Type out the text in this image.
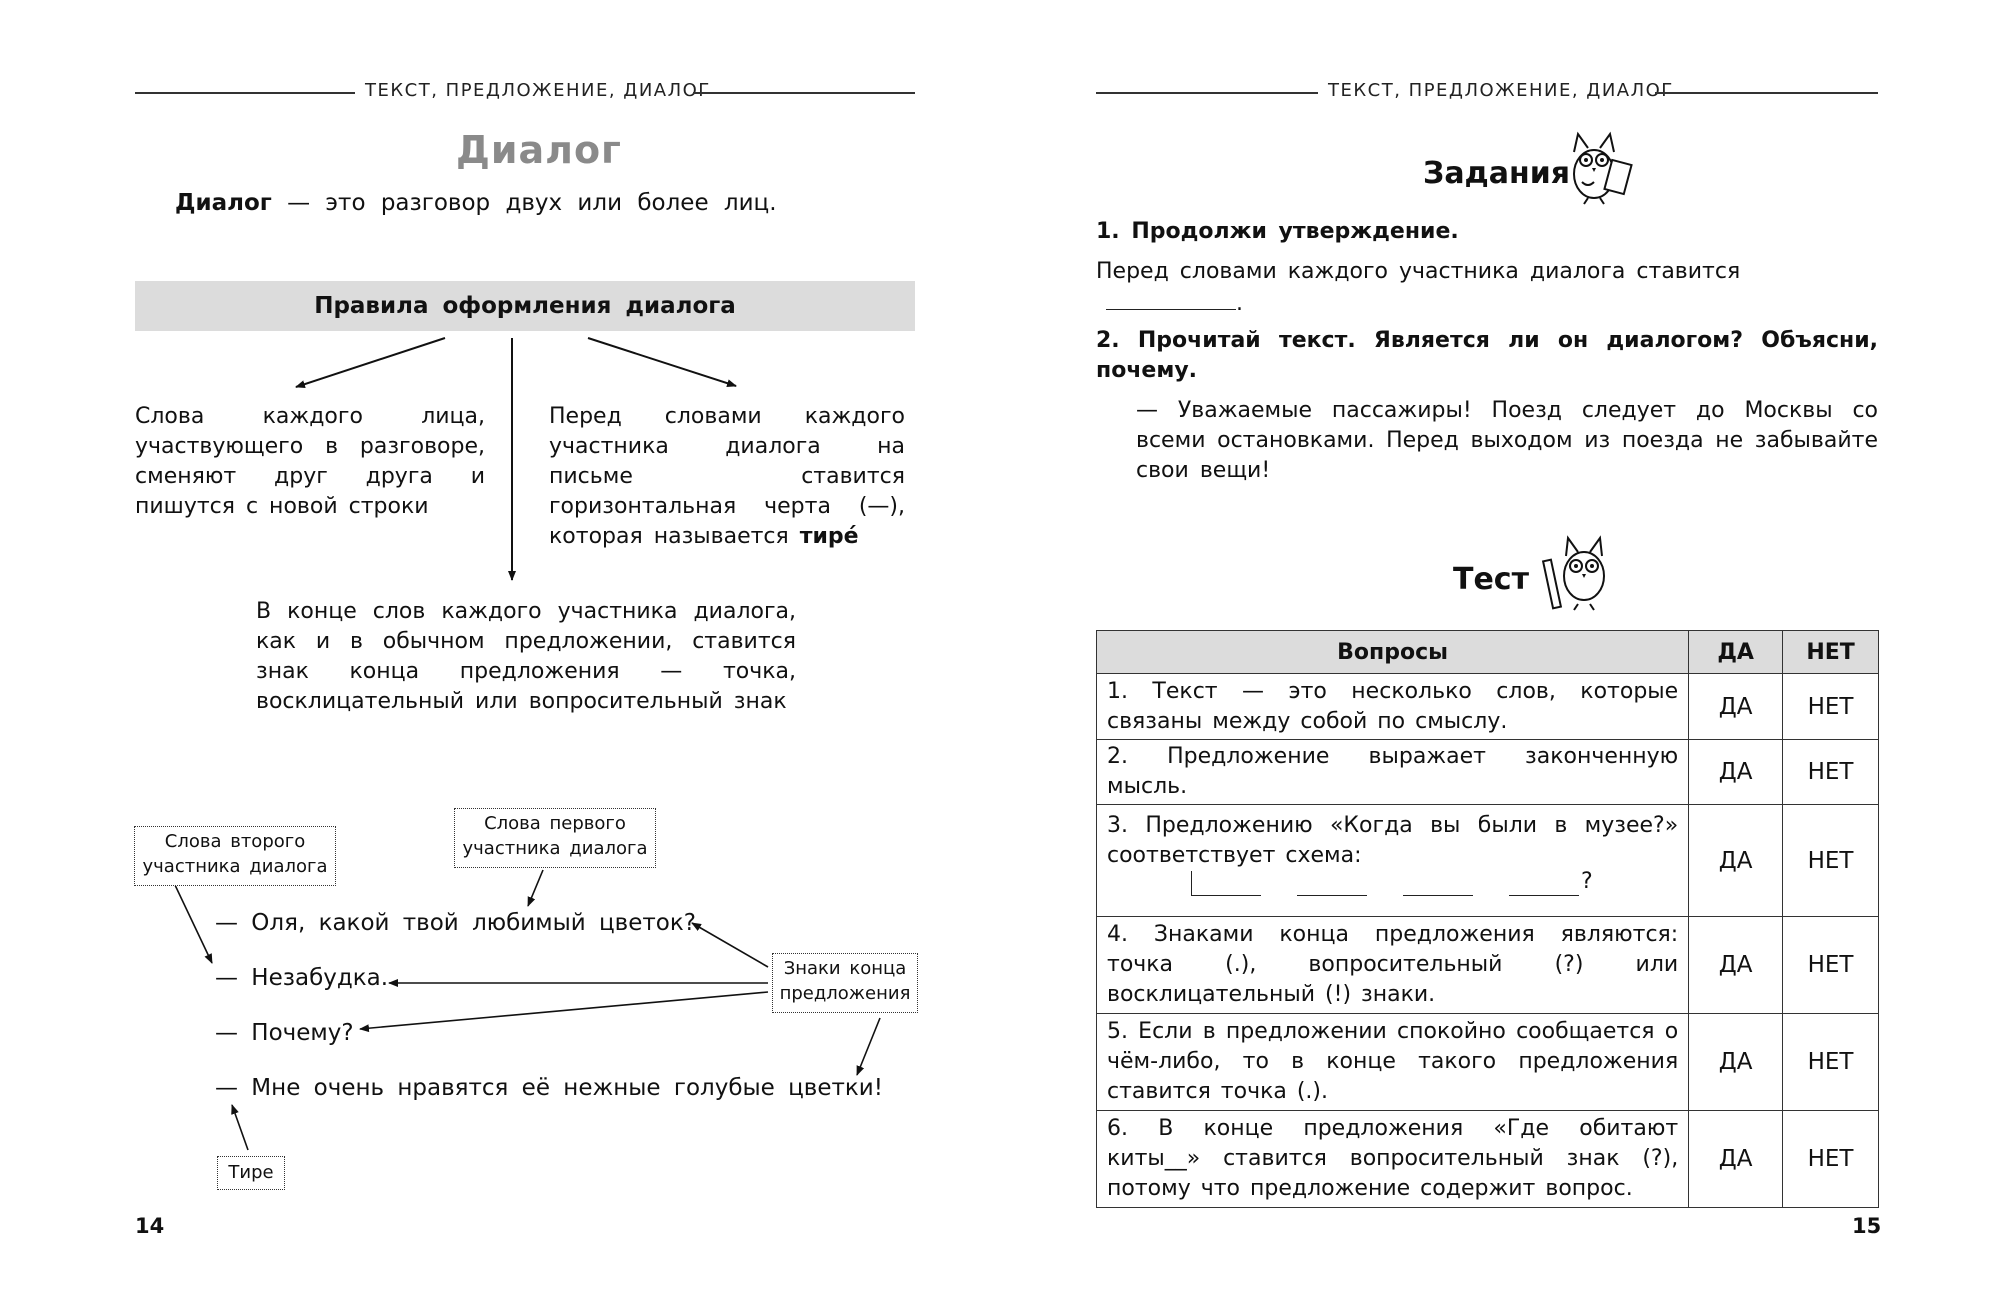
ТЕКСТ, ПРЕДЛОЖЕНИЕ, ДИАЛОГ
Диалог
Диалог — это разговор двух или более лиц.
Правила оформления диалога
Слова каждого лица, участвующего в разговоре, сменяют друг друга и пишутся с новой строки
Перед словами каждого участника диалога на письме ставится горизонтальная черта (—), которая называется тире́
В конце слов каждого участника диалога, как и в обычном предложении, ставится знак конца предложения — точка, восклицательный или вопросительный знак
Слова второго участника диалога
Слова первого участника диалога
Знаки конца предложения
Тире
— Оля, какой твой любимый цветок?
— Незабудка.
— Почему?
— Мне очень нравятся её нежные голубые цветки!
14
ТЕКСТ, ПРЕДЛОЖЕНИЕ, ДИАЛОГ
Задания
1. Продолжи утверждение.
Перед словами каждого участника диалога ставится .
2. Прочитай текст. Является ли он диалогом? Объясни, почему.
— Уважаемые пассажиры! Поезд следует до Москвы со всеми остановками. Перед выходом из поезда не забывайте свои вещи!
Тест
Вопросы	ДА	НЕТ
1. Текст — это несколько слов, которые связаны между собой по смыслу.	ДА	НЕТ
2. Предложение выражает законченную мысль.	ДА	НЕТ

3. Предложению «Когда вы были в музее?» соответствует схема:
?	ДА	НЕТ
4. Знаками конца предложения являются: точка (.), вопросительный (?) или восклицательный (!) знаки.	ДА	НЕТ
5. Если в предложении спокойно сообщается о чём-либо, то в конце такого предложения ставится точка (.).	ДА	НЕТ
6. В конце предложения «Где обитают киты__» ставится вопросительный знак (?), потому что предложение содержит вопрос.	ДА	НЕТ
15
